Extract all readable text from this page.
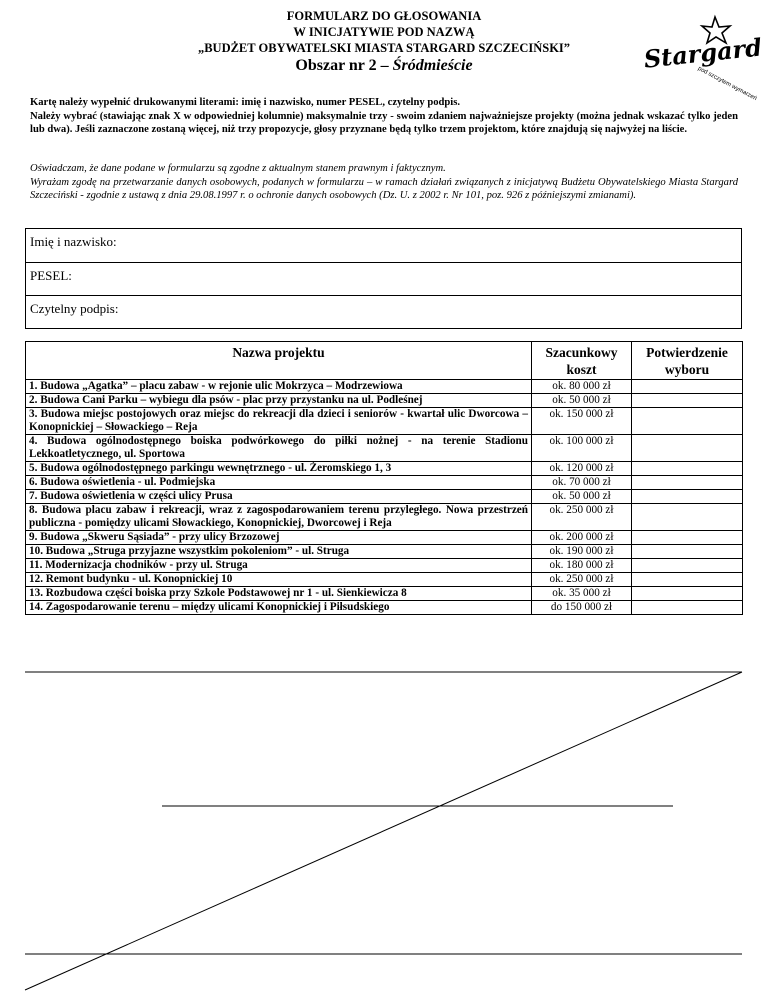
FORMULARZ DO GŁOSOWANIA
W INICJATYWIE POD NAZWĄ
„BUDŻET OBYWATELSKI MIASTA STARGARD SZCZECIŃSKI”
Obszar nr 2 – Śródmieście	Stargard
pod szczytem wymarzeń

Kartę należy wypełnić drukowanymi literami: imię i nazwisko, numer PESEL, czytelny podpis.

Należy wybrać (stawiając znak X w odpowiedniej kolumnie) maksymalnie trzy - swoim zdaniem najważniejsze projekty (można jednak wskazać tylko jeden lub dwa). Jeśli zaznaczone zostaną więcej, niż trzy propozycje, głosy przyznane będą tylko trzem projektom, które znajdują się najwyżej na liście.

Oświadczam, że dane podane w formularzu są zgodne z aktualnym stanem prawnym i faktycznym.

Wyrażam zgodę na przetwarzanie danych osobowych, podanych w formularzu – w ramach działań związanych z inicjatywą Budżetu Obywatelskiego Miasta Stargard Szczeciński - zgodnie z ustawą z dnia 29.08.1997 r. o ochronie danych osobowych (Dz. U. z 2002 r. Nr 101, poz. 926 z późniejszymi zmianami).

Imię i nazwisko:
PESEL:
Czytelny podpis:
Nazwa projektu	Szacunkowy koszt	Potwierdzenie wyboru
1. Budowa „Agatka” – placu zabaw - w rejonie ulic Mokrzyca – Modrzewiowa	ok. 80 000 zł	
2. Budowa Cani Parku – wybiegu dla psów - plac przy przystanku na ul. Podleśnej	ok. 50 000 zł	
3. Budowa miejsc postojowych oraz miejsc do rekreacji dla dzieci i seniorów - kwartał ulic Dworcowa – Konopnickiej – Słowackiego – Reja	ok. 150 000 zł	
4. Budowa ogólnodostępnego boiska podwórkowego do piłki nożnej - na terenie Stadionu Lekkoatletycznego, ul. Sportowa	ok. 100 000 zł	
5. Budowa ogólnodostępnego parkingu wewnętrznego - ul. Żeromskiego 1, 3	ok. 120 000 zł	
6. Budowa oświetlenia - ul. Podmiejska	ok. 70 000 zł	
7. Budowa oświetlenia w części ulicy Prusa	ok. 50 000 zł	
8. Budowa placu zabaw i rekreacji, wraz z zagospodarowaniem terenu przyległego. Nowa przestrzeń publiczna - pomiędzy ulicami Słowackiego, Konopnickiej, Dworcowej i Reja	ok. 250 000 zł	
9. Budowa „Skweru Sąsiada” - przy ulicy Brzozowej	ok. 200 000 zł	
10. Budowa „Struga przyjazne wszystkim pokoleniom” - ul. Struga	ok. 190 000 zł	
11. Modernizacja chodników - przy ul. Struga	ok. 180 000 zł	
12. Remont budynku - ul. Konopnickiej 10	ok. 250 000 zł	
13. Rozbudowa części boiska przy Szkole Podstawowej nr 1 - ul. Sienkiewicza 8	ok. 35 000 zł	
14. Zagospodarowanie terenu – między ulicami Konopnickiej i Piłsudskiego	do 150 000 zł	
